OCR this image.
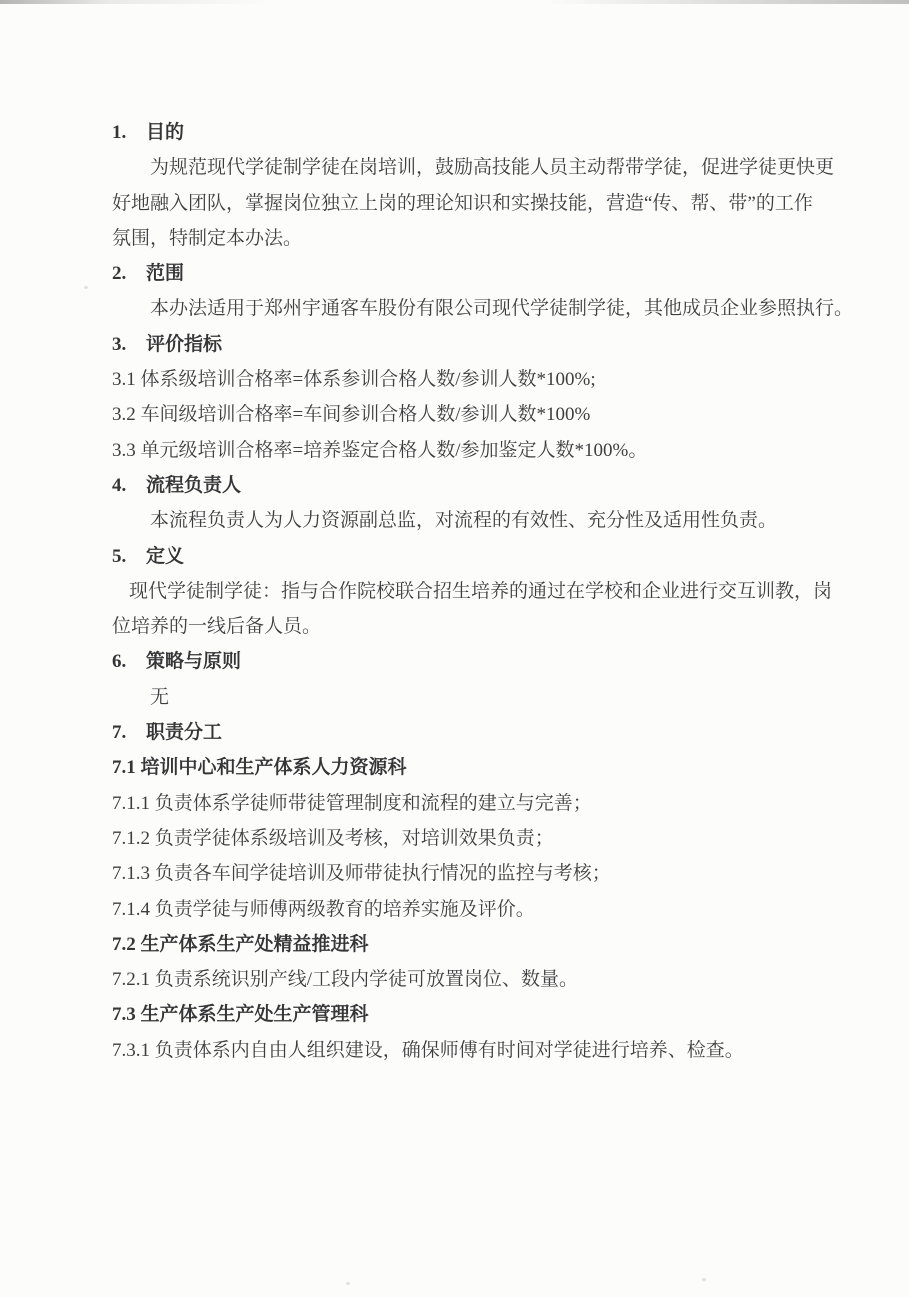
1. 目的

为规范现代学徒制学徒在岗培训，鼓励高技能人员主动帮带学徒，促进学徒更快更

好地融入团队，掌握岗位独立上岗的理论知识和实操技能，营造“传、帮、带”的工作

氛围，特制定本办法。

2. 范围

本办法适用于郑州宇通客车股份有限公司现代学徒制学徒，其他成员企业参照执行。

3. 评价指标

3.1 体系级培训合格率=体系参训合格人数/参训人数*100%;

3.2 车间级培训合格率=车间参训合格人数/参训人数*100%

3.3 单元级培训合格率=培养鉴定合格人数/参加鉴定人数*100%。

4. 流程负责人

本流程负责人为人力资源副总监，对流程的有效性、充分性及适用性负责。

5. 定义

现代学徒制学徒：指与合作院校联合招生培养的通过在学校和企业进行交互训教，岗

位培养的一线后备人员。

6. 策略与原则

无

7. 职责分工

7.1 培训中心和生产体系人力资源科

7.1.1 负责体系学徒师带徒管理制度和流程的建立与完善；

7.1.2 负责学徒体系级培训及考核，对培训效果负责；

7.1.3 负责各车间学徒培训及师带徒执行情况的监控与考核；

7.1.4 负责学徒与师傅两级教育的培养实施及评价。

7.2 生产体系生产处精益推进科

7.2.1 负责系统识别产线/工段内学徒可放置岗位、数量。

7.3 生产体系生产处生产管理科

7.3.1 负责体系内自由人组织建设，确保师傅有时间对学徒进行培养、检查。
